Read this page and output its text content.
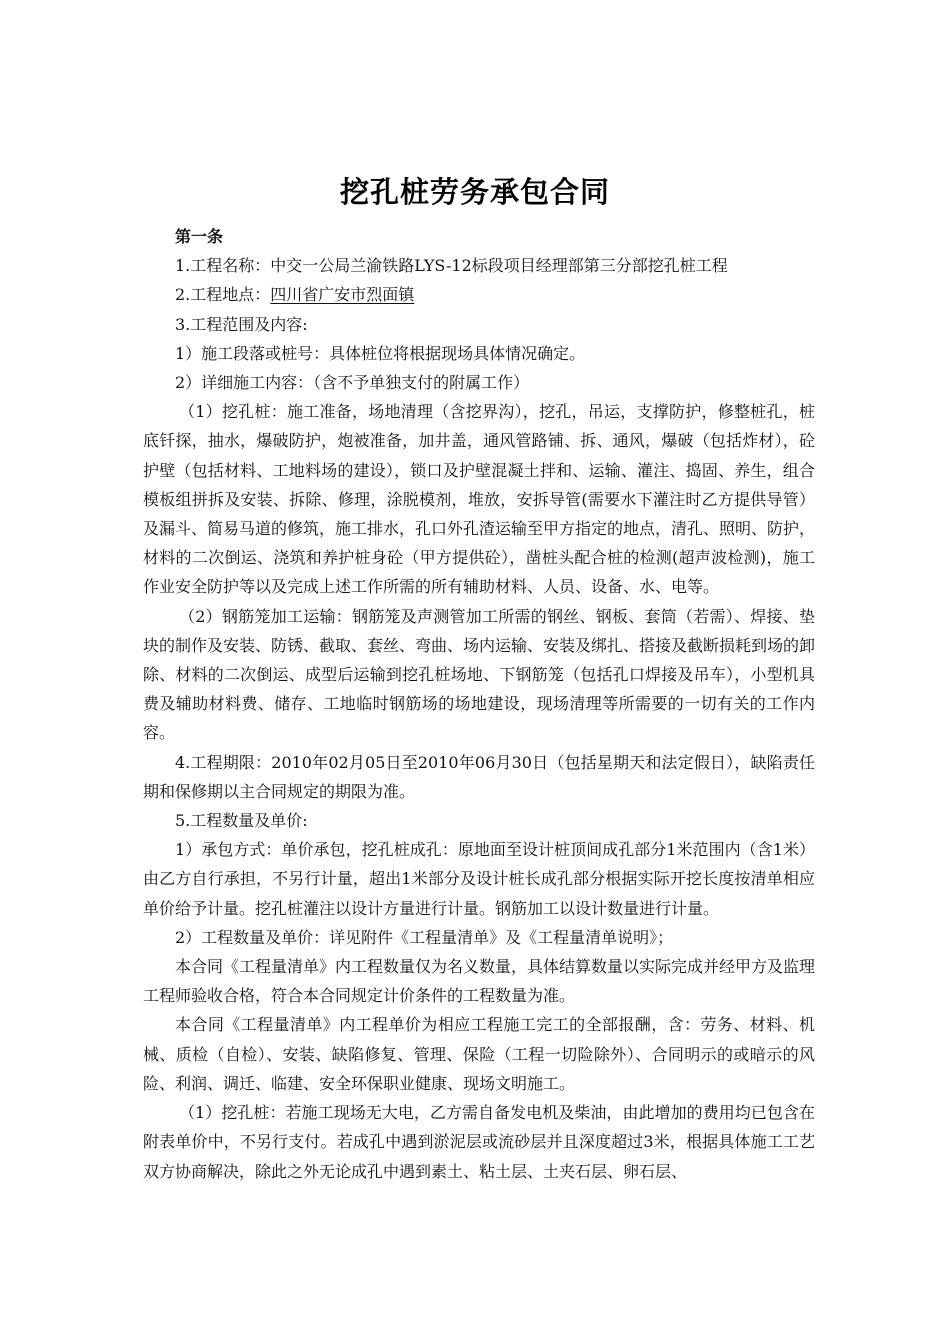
挖孔桩劳务承包合同

第一条

1.工程名称：中交一公局兰渝铁路LYS-12标段项目经理部第三分部挖孔桩工程

2.工程地点：四川省广安市烈面镇

3.工程范围及内容:

1）施工段落或桩号：具体桩位将根据现场具体情况确定。

2）详细施工内容：（含不予单独支付的附属工作）

（1）挖孔桩：施工准备，场地清理（含挖界沟），挖孔，吊运，支撑防护，修整桩孔，桩底钎探，抽水，爆破防护，炮被准备，加井盖，通风管路铺、拆、通风，爆破（包括炸材），砼护壁（包括材料、工地料场的建设），锁口及护壁混凝土拌和、运输、灌注、捣固、养生，组合模板组拼拆及安装、拆除、修理，涂脱模剂，堆放，安拆导管(需要水下灌注时乙方提供导管）及漏斗、简易马道的修筑，施工排水，孔口外孔渣运输至甲方指定的地点，清孔、照明、防护，材料的二次倒运、浇筑和养护桩身砼（甲方提供砼），凿桩头配合桩的检测(超声波检测)，施工作业安全防护等以及完成上述工作所需的所有辅助材料、人员、设备、水、电等。

（2）钢筋笼加工运输：钢筋笼及声测管加工所需的钢丝、钢板、套筒（若需）、焊接、垫块的制作及安装、防锈、截取、套丝、弯曲、场内运输、安装及绑扎、搭接及截断损耗到场的卸除、材料的二次倒运、成型后运输到挖孔桩场地、下钢筋笼（包括孔口焊接及吊车），小型机具费及辅助材料费、储存、工地临时钢筋场的场地建设，现场清理等所需要的一切有关的工作内容。

4.工程期限：2010年02月05日至2010年06月30日（包括星期天和法定假日），缺陷责任期和保修期以主合同规定的期限为准。

5.工程数量及单价:

1）承包方式：单价承包，挖孔桩成孔：原地面至设计桩顶间成孔部分1米范围内（含1米）由乙方自行承担，不另行计量，超出1米部分及设计桩长成孔部分根据实际开挖长度按清单相应单价给予计量。挖孔桩灌注以设计方量进行计量。钢筋加工以设计数量进行计量。

2）工程数量及单价：详见附件《工程量清单》及《工程量清单说明》；

本合同《工程量清单》内工程数量仅为名义数量，具体结算数量以实际完成并经甲方及监理工程师验收合格，符合本合同规定计价条件的工程数量为准。

本合同《工程量清单》内工程单价为相应工程施工完工的全部报酬，含：劳务、材料、机械、质检（自检）、安装、缺陷修复、管理、保险（工程一切险除外）、合同明示的或暗示的风险、利润、调迁、临建、安全环保职业健康、现场文明施工。

（1）挖孔桩：若施工现场无大电，乙方需自备发电机及柴油，由此增加的费用均已包含在附表单价中，不另行支付。若成孔中遇到淤泥层或流砂层并且深度超过3米，根据具体施工工艺双方协商解决，除此之外无论成孔中遇到素土、粘土层、土夹石层、卵石层、
